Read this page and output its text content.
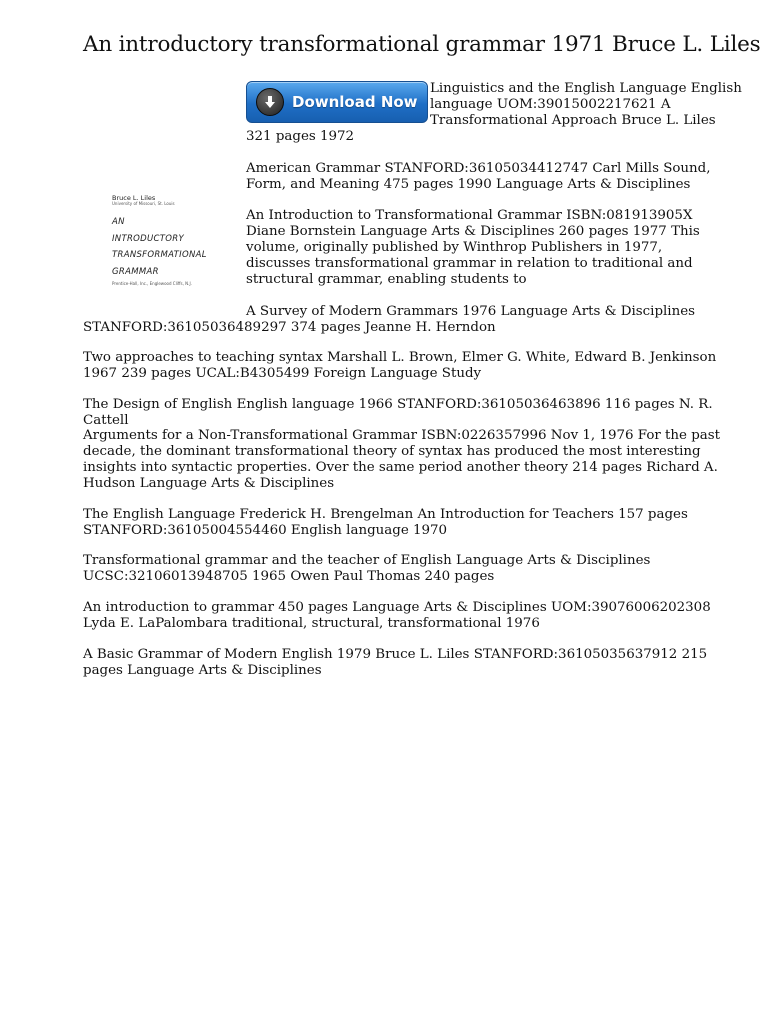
An introductory transformational grammar 1971 Bruce L. Liles
Download Now
Bruce L. Liles
University of Missouri, St. Louis
AN
INTRODUCTORY
TRANSFORMATIONAL
GRAMMAR
Prentice-Hall, Inc., Englewood Cliffs, N.J.

Linguistics and the English Language English
language UOM:39015002217621 A
Transformational Approach Bruce L. Liles
321 pages 1972

American Grammar STANFORD:36105034412747 Carl Mills Sound, Form, and Meaning 475 pages 1990 Language Arts & Disciplines

An Introduction to Transformational Grammar ISBN:081913905X Diane Bornstein Language Arts & Disciplines 260 pages 1977 This volume, originally published by Winthrop Publishers in 1977, discusses transformational grammar in relation to traditional and structural grammar, enabling students to

A Survey of Modern Grammars 1976 Language Arts & Disciplines
STANFORD:36105036489297 374 pages Jeanne H. Herndon

Two approaches to teaching syntax Marshall L. Brown, Elmer G. White, Edward B. Jenkinson 1967 239 pages UCAL:B4305499 Foreign Language Study

The Design of English English language 1966 STANFORD:36105036463896 116 pages N. R. Cattell

Arguments for a Non-Transformational Grammar ISBN:0226357996 Nov 1, 1976 For the past decade, the dominant transformational theory of syntax has produced the most interesting insights into syntactic properties. Over the same period another theory 214 pages Richard A. Hudson Language Arts & Disciplines

The English Language Frederick H. Brengelman An Introduction for Teachers 157 pages STANFORD:36105004554460 English language 1970

Transformational grammar and the teacher of English Language Arts & Disciplines UCSC:32106013948705 1965 Owen Paul Thomas 240 pages

An introduction to grammar 450 pages Language Arts & Disciplines UOM:39076006202308 Lyda E. LaPalombara traditional, structural, transformational 1976

A Basic Grammar of Modern English 1979 Bruce L. Liles STANFORD:36105035637912 215 pages Language Arts & Disciplines
